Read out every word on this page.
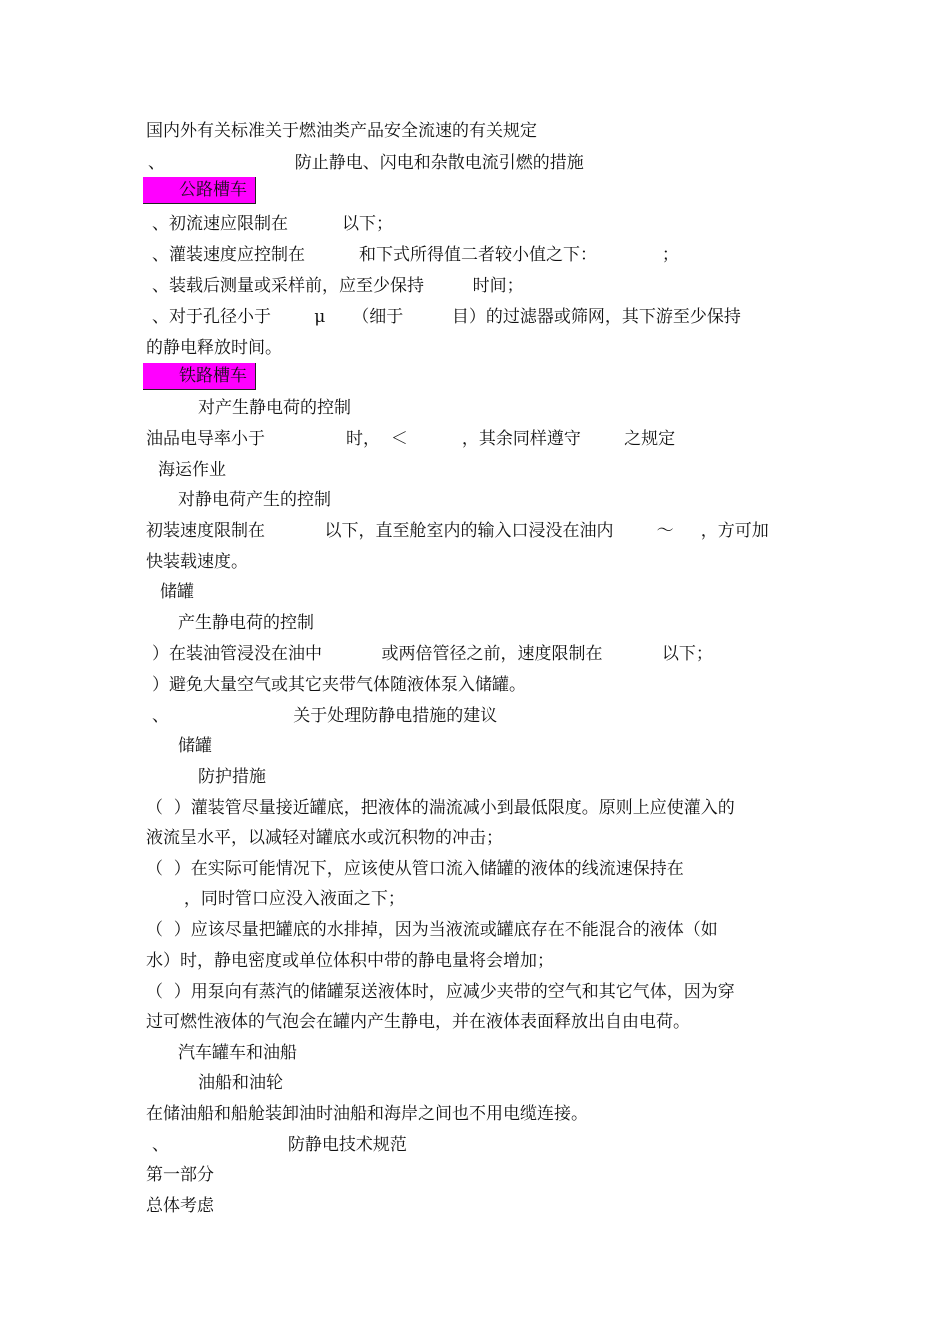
国内外有关标准关于燃油类产品安全流速的有关规定
、                        防止静电、闪电和杂散电流引燃的措施
公路槽车
、初流速应限制在          以下；
、灌装速度应控制在          和下式所得值二者较小值之下：            ；
、装载后测量或采样前，应至少保持         时间；
、对于孔径小于        μ     （细于         目）的过滤器或筛网，其下游至少保持
的静电释放时间。
铁路槽车
对产生静电荷的控制
油品电导率小于               时，  ＜          ，其余同样遵守        之规定
海运作业
对静电荷产生的控制
初装速度限制在           以下，直至舱室内的输入口浸没在油内        ～     ，方可加
快装载速度。
储罐
产生静电荷的控制
）在装油管浸没在油中           或两倍管径之前，速度限制在           以下；
）避免大量空气或其它夹带气体随液体泵入储罐。
、                       关于处理防静电措施的建议
储罐
防护措施
（  ）灌装管尽量接近罐底，把液体的湍流减小到最低限度。原则上应使灌入的
液流呈水平，以减轻对罐底水或沉积物的冲击；
（  ）在实际可能情况下，应该使从管口流入储罐的液体的线流速保持在
，同时管口应没入液面之下；
（  ）应该尽量把罐底的水排掉，因为当液流或罐底存在不能混合的液体（如
水）时，静电密度或单位体积中带的静电量将会增加；
（  ）用泵向有蒸汽的储罐泵送液体时，应减少夹带的空气和其它气体，因为穿
过可燃性液体的气泡会在罐内产生静电，并在液体表面释放出自由电荷。
汽车罐车和油船
油船和油轮
在储油船和船舱装卸油时油船和海岸之间也不用电缆连接。
、                      防静电技术规范
第一部分
总体考虑
